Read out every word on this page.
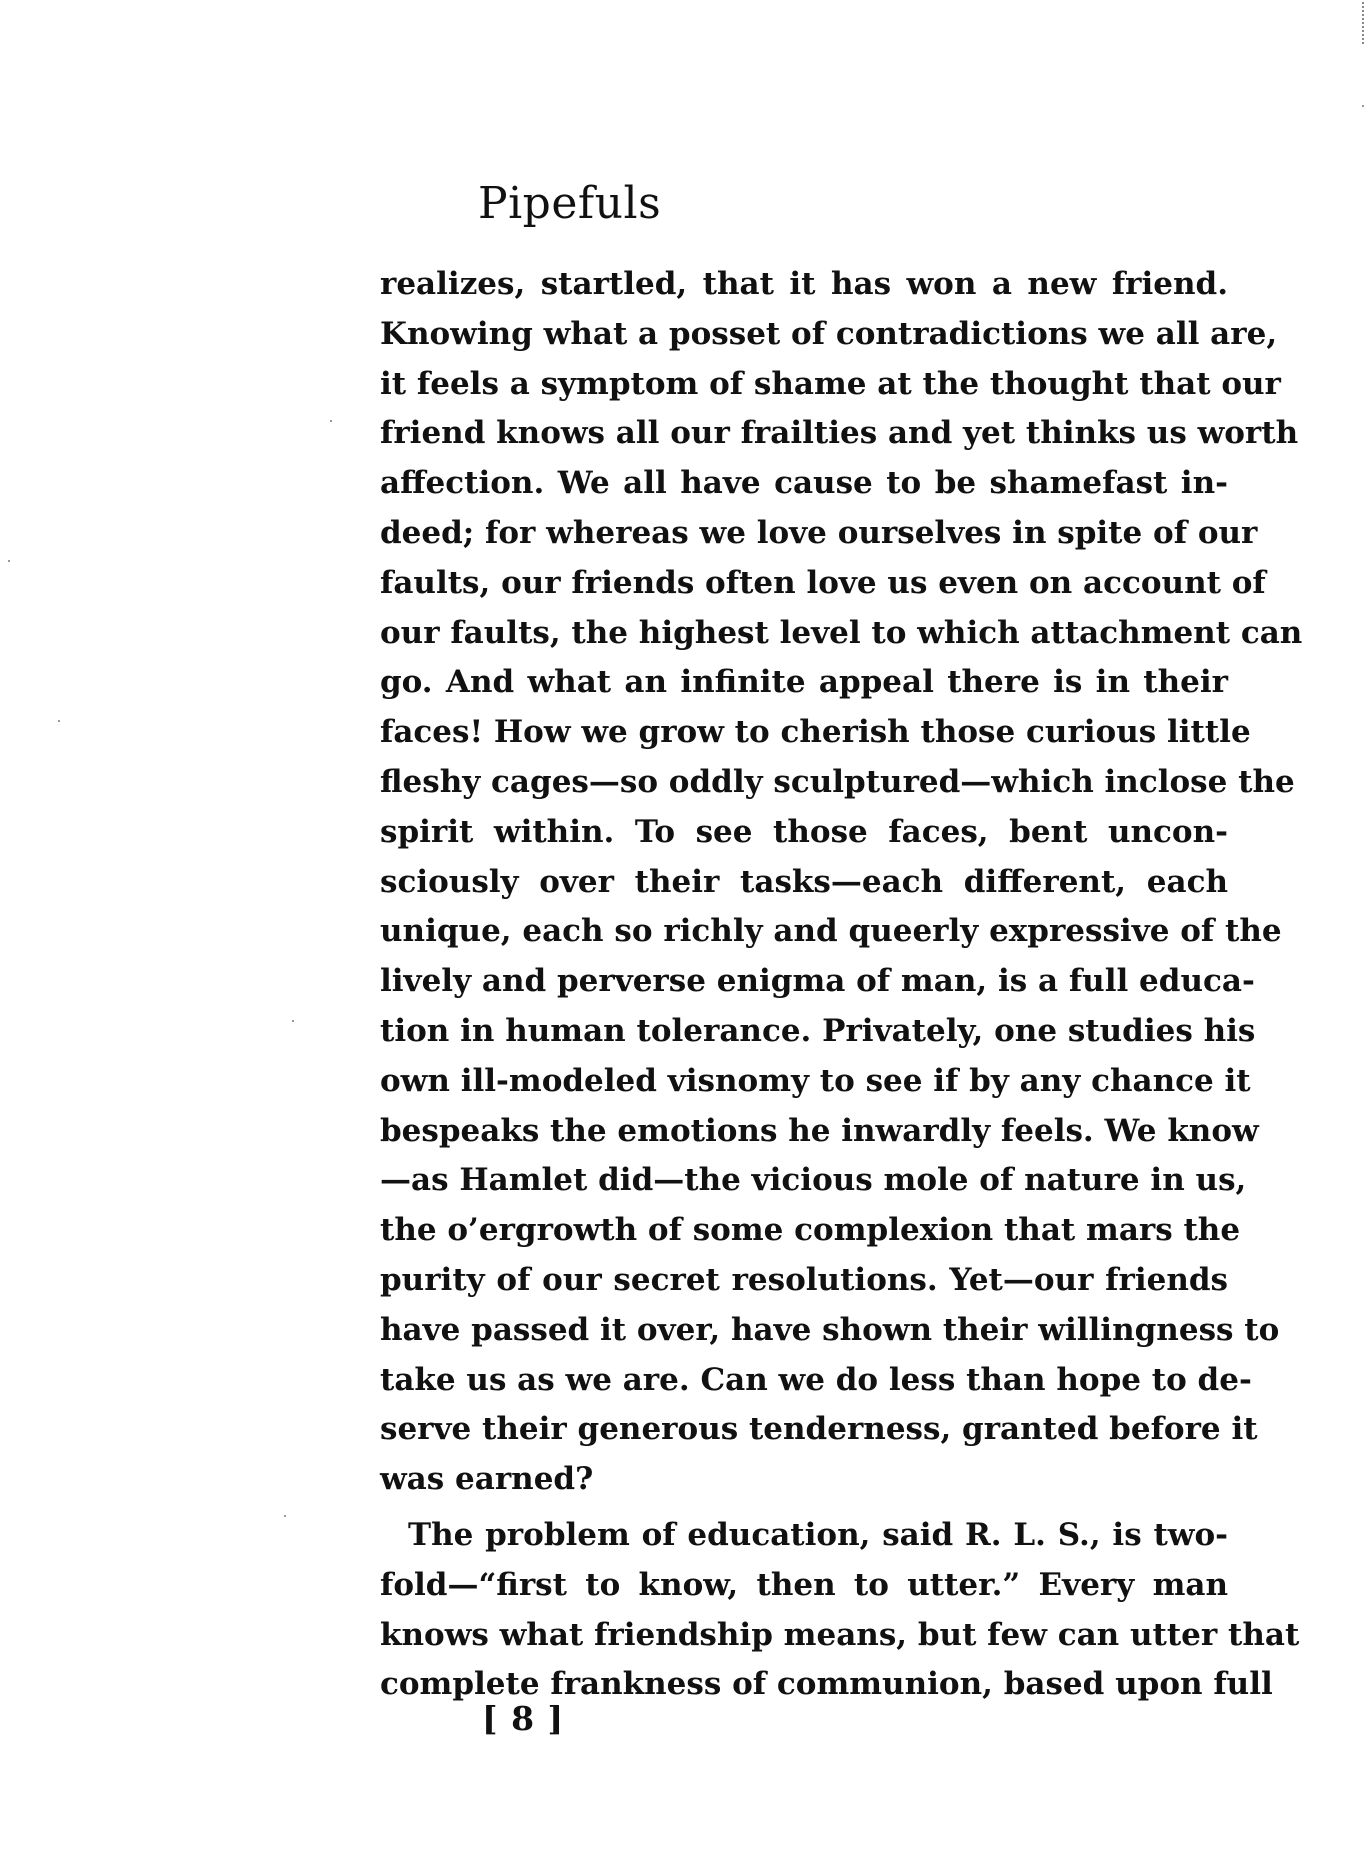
Pipefuls
realizes, startled, that it has won a new friend.
Knowing what a posset of contradictions we all are,
it feels a symptom of shame at the thought that our
friend knows all our frailties and yet thinks us worth
affection. We all have cause to be shamefast in-
deed; for whereas we love ourselves in spite of our
faults, our friends often love us even on account of
our faults, the highest level to which attachment can
go. And what an infinite appeal there is in their
faces! How we grow to cherish those curious little
fleshy cages—so oddly sculptured—which inclose the
spirit within. To see those faces, bent uncon-
sciously over their tasks—each different, each
unique, each so richly and queerly expressive of the
lively and perverse enigma of man, is a full educa-
tion in human tolerance. Privately, one studies his
own ill-modeled visnomy to see if by any chance it
bespeaks the emotions he inwardly feels. We know
—as Hamlet did—the vicious mole of nature in us,
the o’ergrowth of some complexion that mars the
purity of our secret resolutions. Yet—our friends
have passed it over, have shown their willingness to
take us as we are. Can we do less than hope to de-
serve their generous tenderness, granted before it
was earned?
The problem of education, said R. L. S., is two-
fold—“first to know, then to utter.” Every man
knows what friendship means, but few can utter that
complete frankness of communion, based upon full
[ 8 ]
